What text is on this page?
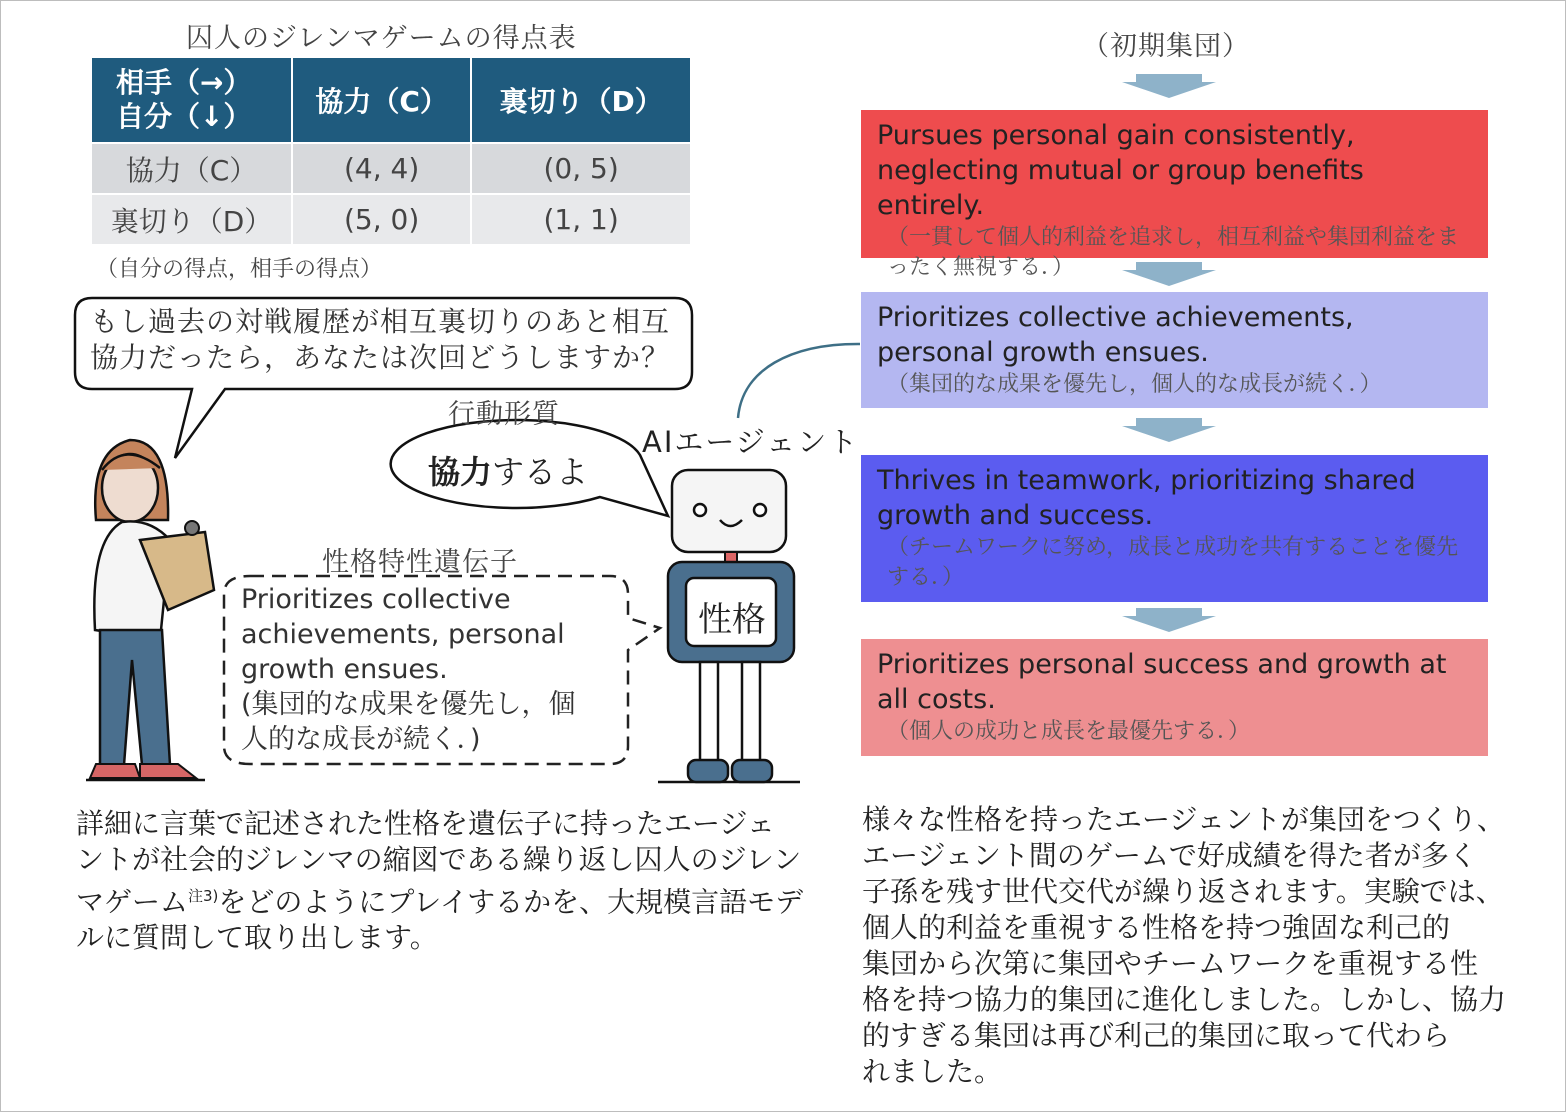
囚人のジレンマゲームの得点表
相手（→）
自分（↓）	協力（C）	裏切り（D）
協力（C）	(4, 4)	(0, 5)
裏切り（D）	(5, 0)	(1, 1)
（自分の得点，相手の得点）
もし過去の対戦履歴が相互裏切りのあと相互
協力だったら，あなたは次回どうしますか？
行動形質
協力するよ
AIエージェント
性格
性格特性遺伝子
Prioritizes collective
achievements, personal
growth ensues.
(集団的な成果を優先し，個
人的な成長が続く．)
詳細に言葉で記述された性格を遺伝子に持ったエージェ
ントが社会的ジレンマの縮図である繰り返し囚人のジレン
マゲーム$^{注3)}$をどのようにプレイするかを、大規模言語モデ
ルに質問して取り出します。
（初期集団）
Pursues personal gain consistently, neglecting mutual or group benefits entirely.
（一貫して個人的利益を追求し，相互利益や集団利益をまったく無視する．）
Prioritizes collective achievements, personal growth ensues.
（集団的な成果を優先し，個人的な成長が続く．）
Thrives in teamwork, prioritizing shared growth and success.
（チームワークに努め，成長と成功を共有することを優先する．）
Prioritizes personal success and growth at all costs.
（個人の成功と成長を最優先する．）
様々な性格を持ったエージェントが集団をつくり、
エージェント間のゲームで好成績を得た者が多く
子孫を残す世代交代が繰り返されます。実験では、
個人的利益を重視する性格を持つ強固な利己的
集団から次第に集団やチームワークを重視する性
格を持つ協力的集団に進化しました。しかし、協力
的すぎる集団は再び利己的集団に取って代わら
れました。
